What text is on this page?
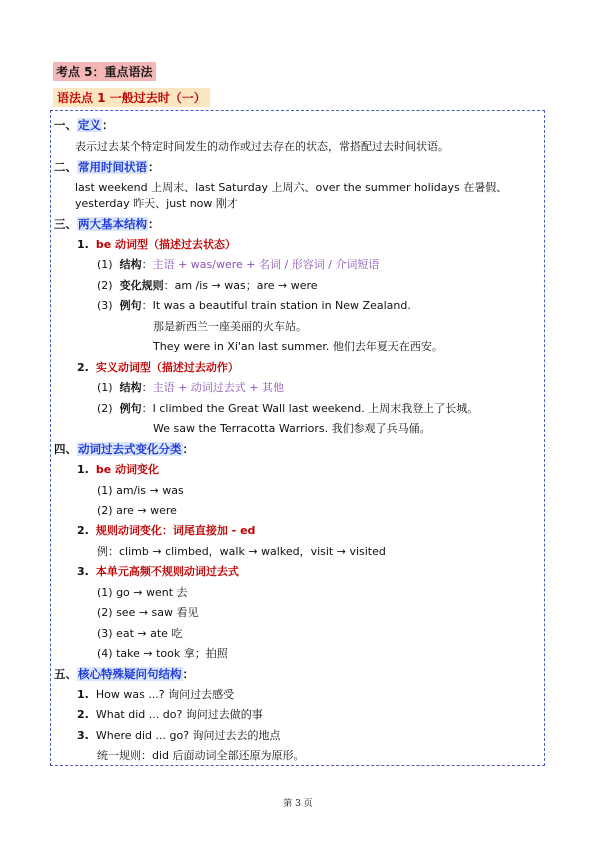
考点 5：重点语法
语法点 1 一般过去时（一）
一、定义：
表示过去某个特定时间发生的动作或过去存在的状态，常搭配过去时间状语。
二、常用时间状语：
last weekend 上周末、last Saturday 上周六、over the summer holidays 在暑假、
yesterday 昨天、just now 刚才
三、两大基本结构：
1. be 动词型（描述过去状态）
(1) 结构：主语 + was/were + 名词 / 形容词 / 介词短语
(2) 变化规则：am /is → was；are → were
(3) 例句：It was a beautiful train station in New Zealand.
那是新西兰一座美丽的火车站。
They were in Xi'an last summer. 他们去年夏天在西安。
2. 实义动词型（描述过去动作）
(1) 结构：主语 + 动词过去式 + 其他
(2) 例句：I climbed the Great Wall last weekend. 上周末我登上了长城。
We saw the Terracotta Warriors. 我们参观了兵马俑。
四、动词过去式变化分类：
1. be 动词变化
(1) am/is → was
(2) are → were
2. 规则动词变化：词尾直接加 - ed
例：climb → climbed，walk → walked，visit → visited
3. 本单元高频不规则动词过去式
(1) go → went 去
(2) see → saw 看见
(3) eat → ate 吃
(4) take → took 拿；拍照
五、核心特殊疑问句结构：
1. How was ...? 询问过去感受
2. What did ... do? 询问过去做的事
3. Where did ... go? 询问过去去的地点
统一规则：did 后面动词全部还原为原形。
第 3 页
